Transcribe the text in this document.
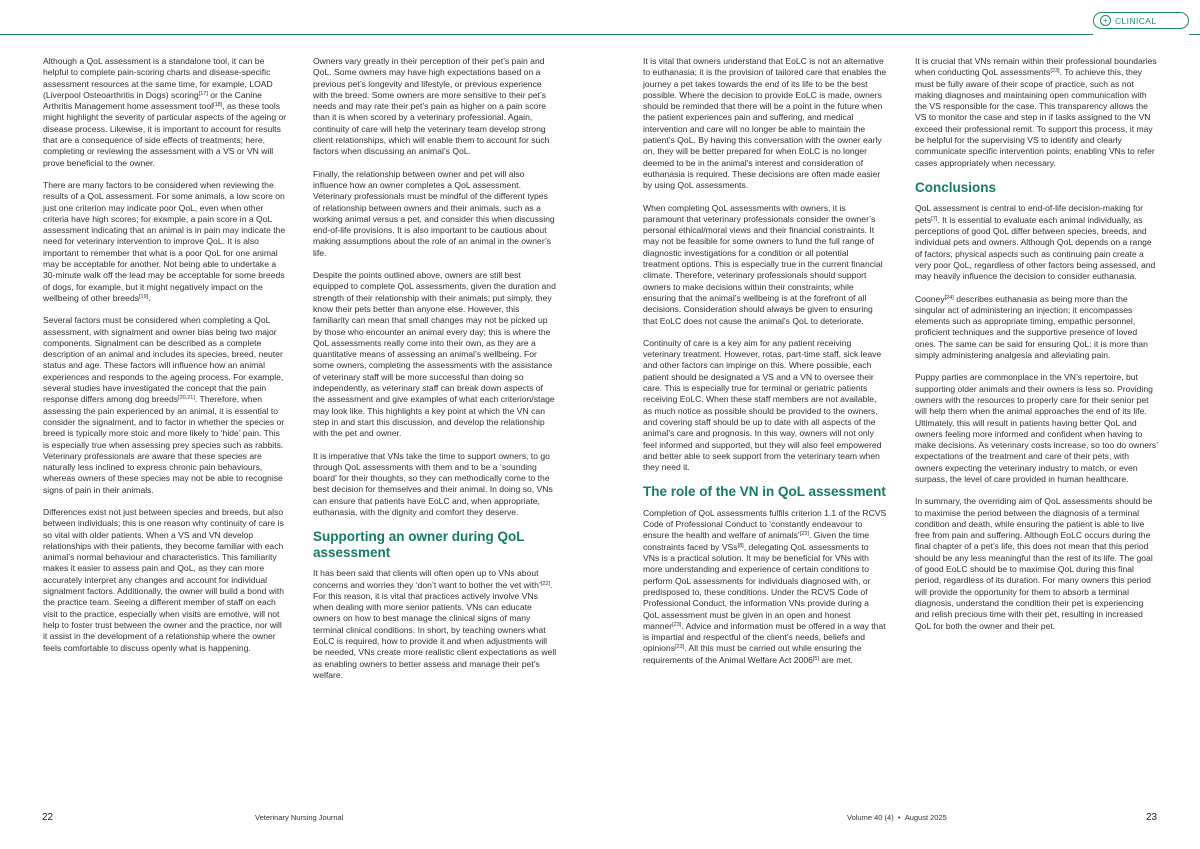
+ CLINICAL

Although a QoL assessment is a standalone tool, it can be helpful to complete pain-scoring charts and disease-specific assessment resources at the same time, for example, LOAD (Liverpool Osteoarthritis in Dogs) scoring[17] or the Canine Arthritis Management home assessment tool[18], as these tools might highlight the severity of particular aspects of the ageing or disease process. Likewise, it is important to account for results that are a consequence of side effects of treatments; here, completing or reviewing the assessment with a VS or VN will prove beneficial to the owner.

There are many factors to be considered when reviewing the results of a QoL assessment. For some animals, a low score on just one criterion may indicate poor QoL, even when other criteria have high scores; for example, a pain score in a QoL assessment indicating that an animal is in pain may indicate the need for veterinary intervention to improve QoL. It is also important to remember that what is a poor QoL for one animal may be acceptable for another. Not being able to undertake a 30-minute walk off the lead may be acceptable for some breeds of dogs, for example, but it might negatively impact on the wellbeing of other breeds[19].

Several factors must be considered when completing a QoL assessment, with signalment and owner bias being two major components. Signalment can be described as a complete description of an animal and includes its species, breed, neuter status and age. These factors will influence how an animal experiences and responds to the ageing process. For example, several studies have investigated the concept that the pain response differs among dog breeds[20,21]. Therefore, when assessing the pain experienced by an animal, it is essential to consider the signalment, and to factor in whether the species or breed is typically more stoic and more likely to ‘hide’ pain. This is especially true when assessing prey species such as rabbits. Veterinary professionals are aware that these species are naturally less inclined to express chronic pain behaviours, whereas owners of these species may not be able to recognise signs of pain in their animals.

Differences exist not just between species and breeds, but also between individuals; this is one reason why continuity of care is so vital with older patients. When a VS and VN develop relationships with their patients, they become familiar with each animal’s normal behaviour and characteristics. This familiarity makes it easier to assess pain and QoL, as they can more accurately interpret any changes and account for individual signalment factors. Additionally, the owner will build a bond with the practice team. Seeing a different member of staff on each visit to the practice, especially when visits are emotive, will not help to foster trust between the owner and the practice, nor will it assist in the development of a relationship where the owner feels comfortable to discuss openly what is happening.

Owners vary greatly in their perception of their pet’s pain and QoL. Some owners may have high expectations based on a previous pet’s longevity and lifestyle, or previous experience with the breed. Some owners are more sensitive to their pet’s needs and may rate their pet’s pain as higher on a pain score than it is when scored by a veterinary professional. Again, continuity of care will help the veterinary team develop strong client relationships, which will enable them to account for such factors when discussing an animal’s QoL.

Finally, the relationship between owner and pet will also influence how an owner completes a QoL assessment. Veterinary professionals must be mindful of the different types of relationship between owners and their animals, such as a working animal versus a pet, and consider this when discussing end-of-life provisions. It is also important to be cautious about making assumptions about the role of an animal in the owner’s life.

Despite the points outlined above, owners are still best equipped to complete QoL assessments, given the duration and strength of their relationship with their animals; put simply, they know their pets better than anyone else. However, this familiarity can mean that small changes may not be picked up by those who encounter an animal every day; this is where the QoL assessments really come into their own, as they are a quantitative means of assessing an animal’s wellbeing. For some owners, completing the assessments with the assistance of veterinary staff will be more successful than doing so independently, as veterinary staff can break down aspects of the assessment and give examples of what each criterion/stage may look like. This highlights a key point at which the VN can step in and start this discussion, and develop the relationship with the pet and owner.

It is imperative that VNs take the time to support owners, to go through QoL assessments with them and to be a ‘sounding board’ for their thoughts, so they can methodically come to the best decision for themselves and their animal. In doing so, VNs can ensure that patients have EoLC and, when appropriate, euthanasia, with the dignity and comfort they deserve.

Supporting an owner during QoL assessment

It has been said that clients will often open up to VNs about concerns and worries they ‘don’t want to bother the vet with’[22]. For this reason, it is vital that practices actively involve VNs when dealing with more senior patients. VNs can educate owners on how to best manage the clinical signs of many terminal clinical conditions. In short, by teaching owners what EoLC is required, how to provide it and when adjustments will be needed, VNs create more realistic client expectations as well as enabling owners to better assess and manage their pet’s welfare.

It is vital that owners understand that EoLC is not an alternative to euthanasia; it is the provision of tailored care that enables the journey a pet takes towards the end of its life to be the best possible. Where the decision to provide EoLC is made, owners should be reminded that there will be a point in the future when the patient experiences pain and suffering, and medical intervention and care will no longer be able to maintain the patient’s QoL. By having this conversation with the owner early on, they will be better prepared for when EoLC is no longer deemed to be in the animal’s interest and consideration of euthanasia is required. These decisions are often made easier by using QoL assessments.

When completing QoL assessments with owners, it is paramount that veterinary professionals consider the owner’s personal ethical/moral views and their financial constraints. It may not be feasible for some owners to fund the full range of diagnostic investigations for a condition or all potential treatment options. This is especially true in the current financial climate. Therefore, veterinary professionals should support owners to make decisions within their constraints, while ensuring that the animal’s wellbeing is at the forefront of all decisions. Consideration should always be given to ensuring that EoLC does not cause the animal’s QoL to deteriorate.

Continuity of care is a key aim for any patient receiving veterinary treatment. However, rotas, part-time staff, sick leave and other factors can impinge on this. Where possible, each patient should be designated a VS and a VN to oversee their care. This is especially true for terminal or geriatric patients receiving EoLC. When these staff members are not available, as much notice as possible should be provided to the owners, and covering staff should be up to date with all aspects of the animal’s care and prognosis. In this way, owners will not only feel informed and supported, but they will also feel empowered and better able to seek support from the veterinary team when they need it.

The role of the VN in QoL assessment

Completion of QoL assessments fulfils criterion 1.1 of the RCVS Code of Professional Conduct to ‘constantly endeavour to ensure the health and welfare of animals’[23]. Given the time constraints faced by VSs[8], delegating QoL assessments to VNs is a practical solution. It may be beneficial for VNs with more understanding and experience of certain conditions to perform QoL assessments for individuals diagnosed with, or predisposed to, these conditions. Under the RCVS Code of Professional Conduct, the information VNs provide during a QoL assessment must be given in an open and honest manner[23]. Advice and information must be offered in a way that is impartial and respectful of the client’s needs, beliefs and opinions[23]. All this must be carried out while ensuring the requirements of the Animal Welfare Act 2006[5] are met.

It is crucial that VNs remain within their professional boundaries when conducting QoL assessments[23]. To achieve this, they must be fully aware of their scope of practice, such as not making diagnoses and maintaining open communication with the VS responsible for the case. This transparency allows the VS to monitor the case and step in if tasks assigned to the VN exceed their professional remit. To support this process, it may be helpful for the supervising VS to identify and clearly communicate specific intervention points, enabling VNs to refer cases appropriately when necessary.

Conclusions

QoL assessment is central to end-of-life decision-making for pets[7]. It is essential to evaluate each animal individually, as perceptions of good QoL differ between species, breeds, and individual pets and owners. Although QoL depends on a range of factors, physical aspects such as continuing pain create a very poor QoL, regardless of other factors being assessed, and may heavily influence the decision to consider euthanasia.

Cooney[24] describes euthanasia as being more than the singular act of administering an injection; it encompasses elements such as appropriate timing, empathic personnel, proficient techniques and the supportive presence of loved ones. The same can be said for ensuring QoL: it is more than simply administering analgesia and alleviating pain.

Puppy parties are commonplace in the VN’s repertoire, but supporting older animals and their owners is less so. Providing owners with the resources to properly care for their senior pet will help them when the animal approaches the end of its life. Ultimately, this will result in patients having better QoL and owners feeling more informed and confident when having to make decisions. As veterinary costs increase, so too do owners’ expectations of the treatment and care of their pets, with owners expecting the veterinary industry to match, or even surpass, the level of care provided in human healthcare.

In summary, the overriding aim of QoL assessments should be to maximise the period between the diagnosis of a terminal condition and death, while ensuring the patient is able to live free from pain and suffering. Although EoLC occurs during the final chapter of a pet’s life, this does not mean that this period should be any less meaningful than the rest of its life. The goal of good EoLC should be to maximise QoL during this final period, regardless of its duration. For many owners this period will provide the opportunity for them to absorb a terminal diagnosis, understand the condition their pet is experiencing and relish precious time with their pet, resulting in increased QoL for both the owner and their pet.

22	Veterinary Nursing Journal	Volume 40 (4) • August 2025	23
